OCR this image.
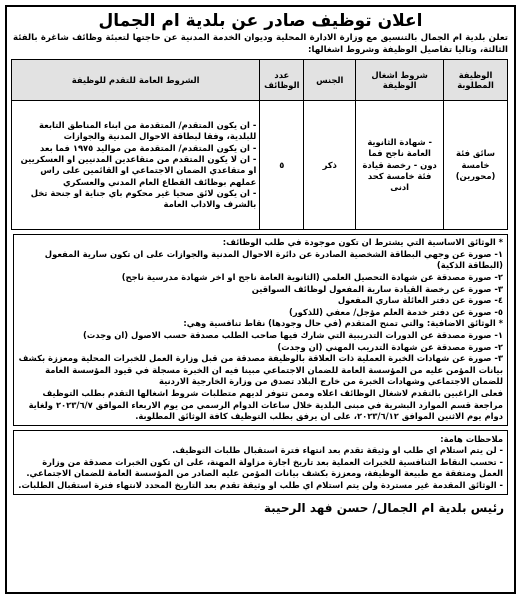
اعلان توظيف صادر عن بلدية ام الجمال
تعلن بلدية ام الجمال بالتنسيق مع وزارة الادارة المحلية وديوان الخدمة المدنية عن حاجتها لتعبئة وظائف شاغرة بالفئة الثالثة، وتاليا تفاصيل الوظيفة وشروط اشغالها:
الوظيفة المطلوبة	شروط اشغال الوظيفة	الجنس	عدد الوظائف	الشروط العامة للتقدم للوظيفة
سائق فئة خامسة (محورين)	- شهادة الثانوية العامة ناجح فما دون - رخصة قيادة فئة خامسة كحد ادنى	ذكر	٥	- ان يكون المتقدم/ المتقدمة من ابناء المناطق التابعة للبلدية، وفقا لبطاقة الاحوال المدنية والجوازات
- ان يكون المتقدم/ المتقدمة من مواليد ١٩٧٥ فما بعد
- ان لا يكون المتقدم من متقاعدين المدنيين او العسكريين او متقاعدي الضمان الاجتماعي او القائمين على راس عملهم بوظائف القطاع العام المدني والعسكري
- ان يكون لائق صحيا غير محكوم باي جناية او جنحة تخل بالشرف والاداب العامة
* الوثائق الاساسية التي يشترط ان تكون موجودة في طلب الوظائف:
١- صورة عن وجهي البطاقة الشخصية الصادرة عن دائرة الاحوال المدنية والجوازات على ان تكون سارية المفعول (البطاقة الذكية)
٢- صورة مصدقة عن شهادة التحصيل العلمي (الثانوية العامة ناجح او اخر شهادة مدرسية ناجح)
٣- صورة عن رخصة القيادة سارية المفعول لوظائف السواقين
٤- صورة عن دفتر العائلة ساري المفعول
٥- صورة عن دفتر خدمة العلم مؤجل/ معفي (للذكور)
* الوثائق الاضافية: والتي تمنح المتقدم (في حال وجودها) نقاط تنافسية وهي:
١- صورة مصدقة عن الدورات التدريبية التي شارك فيها صاحب الطلب مصدقة حسب الاصول (ان وجدت)
٢- صورة مصدقة عن شهادة التدريب المهني (ان وجدت)
٣- صورة عن شهادات الخبرة العملية ذات العلاقة بالوظيفة مصدقة من قبل وزارة العمل للخبرات المحلية ومعززة بكشف بيانات المؤمن عليه من المؤسسة العامة للضمان الاجتماعي مبينا فيه ان الخبرة مسجلة في قيود المؤسسة العامة للضمان الاجتماعي وشهادات الخبرة من خارج البلاد تصدق من وزارة الخارجية الاردنية
فعلى الراغبين بالتقدم لاشغال الوظائف اعلاه وممن تتوفر لديهم متطلبات شروط اشغالها التقدم بطلب التوظيف مراجعة قسم الموارد البشرية في مبنى البلدية خلال ساعات الدوام الرسمي من يوم الاربعاء الموافق ٢٠٢٣/٦/٧ ولغاية دوام يوم الاثنين الموافق ٢٠٢٣/٦/١٢، على ان يرفق بطلب التوظيف كافة الوثائق المطلوبة.
ملاحظات هامة:
- لن يتم استلام اي طلب او وثيقة تقدم بعد انتهاء فترة استقبال طلبات التوظيف.
- تحسب النقاط التنافسية للخبرات العملية بعد تاريخ اجازة مزاولة المهنة، على ان تكون الخبرات مصدقة من وزارة العمل ومتفقة مع طبيعة الوظيفة، ومعززة بكشف بيانات المؤمن عليه الصادر من المؤسسة العامة للضمان الاجتماعي.
- الوثائق المقدمة غير مستردة ولن يتم استلام اي طلب او وثيقة تقدم بعد التاريخ المحدد لانتهاء فترة استقبال الطلبات.
رئيس بلدية ام الجمال/ حسن فهد الرحيبة
